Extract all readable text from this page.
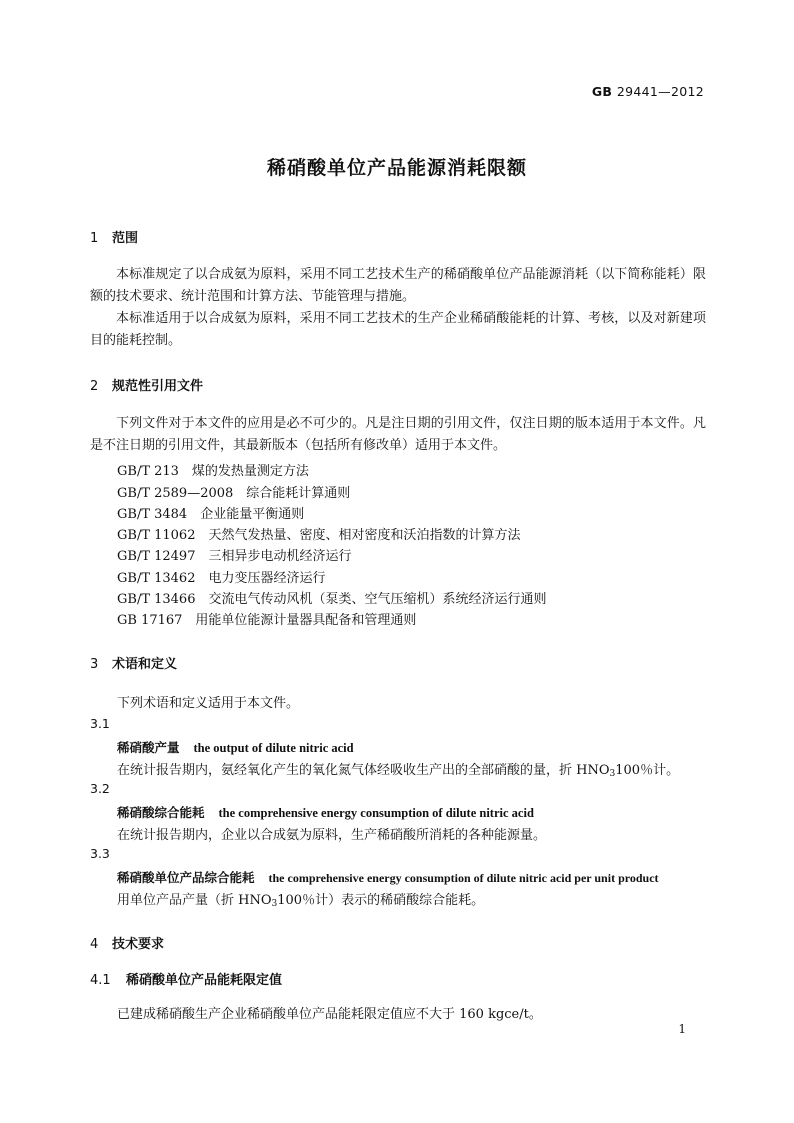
GB 29441—2012
稀硝酸单位产品能源消耗限额
1 范围
本标准规定了以合成氨为原料，采用不同工艺技术生产的稀硝酸单位产品能源消耗（以下简称能耗）限额的技术要求、统计范围和计算方法、节能管理与措施。
本标准适用于以合成氨为原料，采用不同工艺技术的生产企业稀硝酸能耗的计算、考核，以及对新建项目的能耗控制。
2 规范性引用文件
下列文件对于本文件的应用是必不可少的。凡是注日期的引用文件，仅注日期的版本适用于本文件。凡是不注日期的引用文件，其最新版本（包括所有修改单）适用于本文件。
GB/T 213　煤的发热量测定方法
GB/T 2589—2008　综合能耗计算通则
GB/T 3484　企业能量平衡通则
GB/T 11062　天然气发热量、密度、相对密度和沃泊指数的计算方法
GB/T 12497　三相异步电动机经济运行
GB/T 13462　电力变压器经济运行
GB/T 13466　交流电气传动风机（泵类、空气压缩机）系统经济运行通则
GB 17167　用能单位能源计量器具配备和管理通则
3 术语和定义
下列术语和定义适用于本文件。
3.1
稀硝酸产量 the output of dilute nitric acid
在统计报告期内，氨经氧化产生的氧化氮气体经吸收生产出的全部硝酸的量，折 $HNO_3100$％计。
3.2
稀硝酸综合能耗 the comprehensive energy consumption of dilute nitric acid
在统计报告期内，企业以合成氨为原料，生产稀硝酸所消耗的各种能源量。
3.3
稀硝酸单位产品综合能耗 the comprehensive energy consumption of dilute nitric acid per unit product
用单位产品产量（折 $HNO_3100$％计）表示的稀硝酸综合能耗。
4 技术要求
4.1 稀硝酸单位产品能耗限定值
已建成稀硝酸生产企业稀硝酸单位产品能耗限定值应不大于 160 kgce/t。
1
